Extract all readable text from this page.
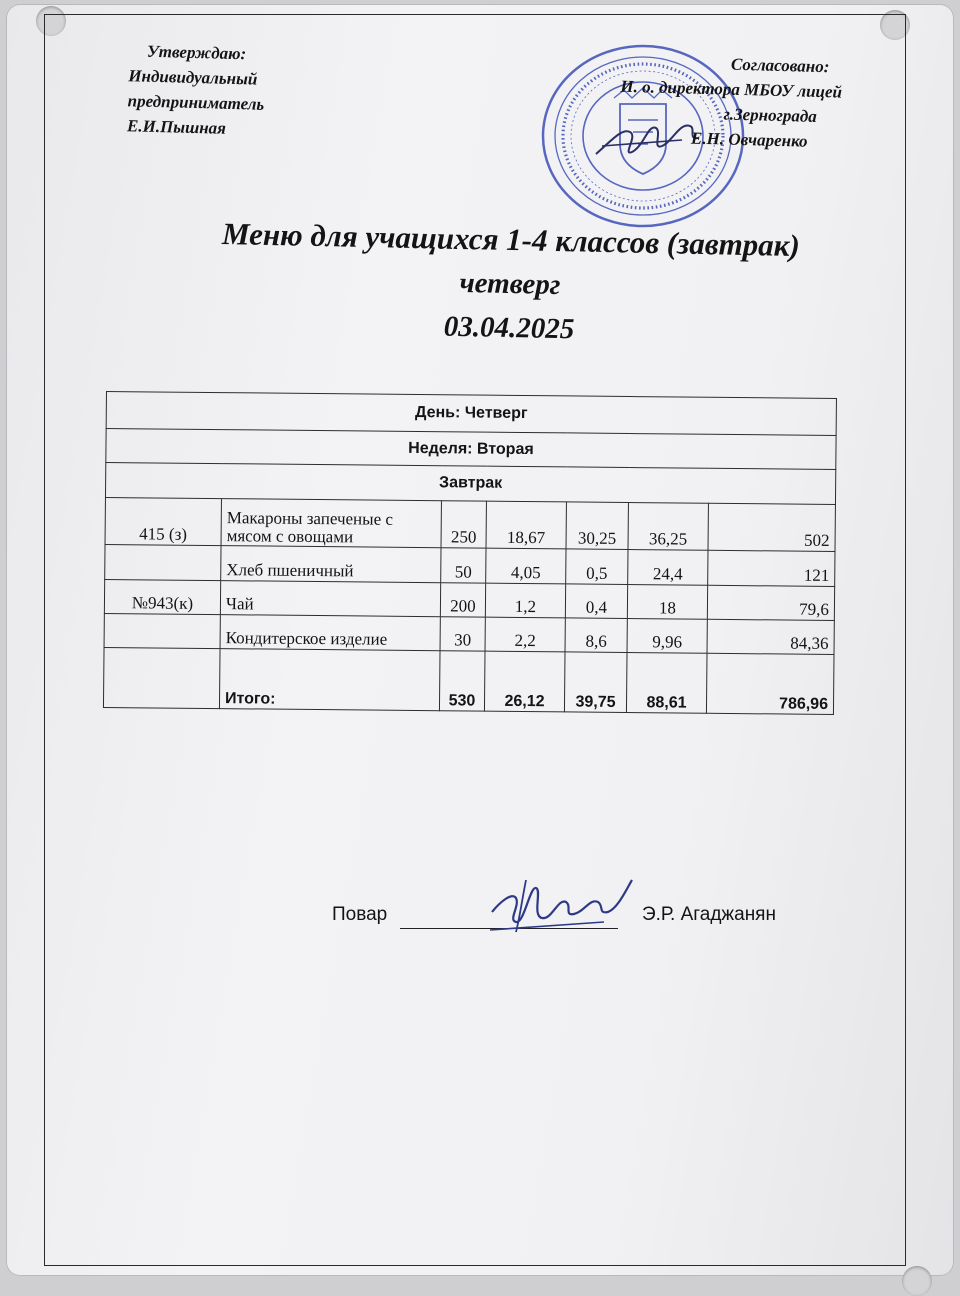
Утверждаю:
Индивидуальный
предприниматель
Е.И.Пышная
Согласовано:
И. о. директора МБОУ лицей
г.Зернограда
Е.Н. Овчаренко
Меню для учащихся 1-4 классов (завтрак)
четверг
03.04.2025
День: Четверг						
Неделя: Вторая						
Завтрак						
415 (з)	Макароны запеченые с мясом с овощами	250	18,67	30,25	36,25	502
	Хлеб пшеничный	50	4,05	0,5	24,4	121
№943(к)	Чай	200	1,2	0,4	18	79,6
	Кондитерское изделие	30	2,2	8,6	9,96	84,36
	Итого:	530	26,12	39,75	88,61	786,96
Повар	Э.Р. Агаджанян
